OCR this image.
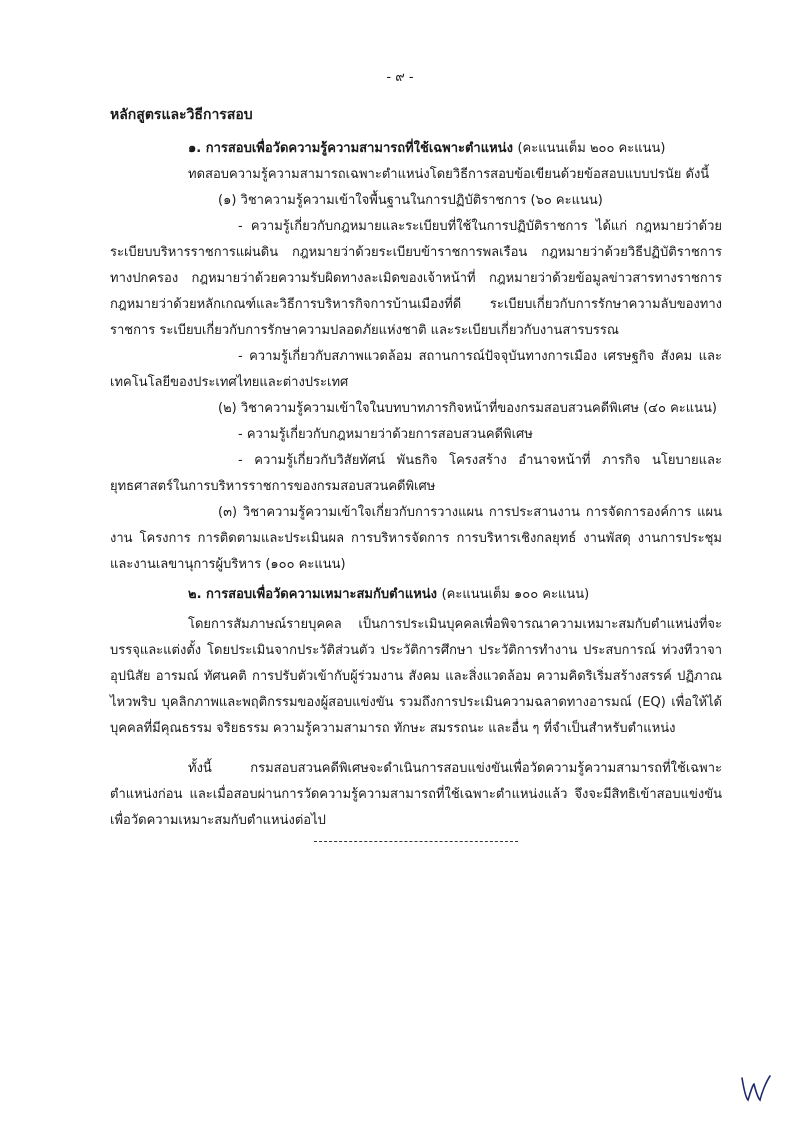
- ๙ -
หลักสูตรและวิธีการสอบ

๑. การสอบเพื่อวัดความรู้ความสามารถที่ใช้เฉพาะตำแหน่ง (คะแนนเต็ม ๒๐๐ คะแนน)

ทดสอบความรู้ความสามารถเฉพาะตำแหน่งโดยวิธีการสอบข้อเขียนด้วยข้อสอบแบบปรนัย ดังนี้

(๑) วิชาความรู้ความเข้าใจพื้นฐานในการปฏิบัติราชการ (๖๐ คะแนน)

- ความรู้เกี่ยวกับกฎหมายและระเบียบที่ใช้ในการปฏิบัติราชการ ได้แก่ กฎหมายว่าด้วยระเบียบบริหารราชการแผ่นดิน กฎหมายว่าด้วยระเบียบข้าราชการพลเรือน กฎหมายว่าด้วยวิธีปฏิบัติราชการทางปกครอง กฎหมายว่าด้วยความรับผิดทางละเมิดของเจ้าหน้าที่ กฎหมายว่าด้วยข้อมูลข่าวสารทางราชการ กฎหมายว่าด้วยหลักเกณฑ์และวิธีการบริหารกิจการบ้านเมืองที่ดี ระเบียบเกี่ยวกับการรักษาความลับของทางราชการ ระเบียบเกี่ยวกับการรักษาความปลอดภัยแห่งชาติ และระเบียบเกี่ยวกับงานสารบรรณ

- ความรู้เกี่ยวกับสภาพแวดล้อม สถานการณ์ปัจจุบันทางการเมือง เศรษฐกิจ สังคม และเทคโนโลยีของประเทศไทยและต่างประเทศ

(๒) วิชาความรู้ความเข้าใจในบทบาทภารกิจหน้าที่ของกรมสอบสวนคดีพิเศษ (๔๐ คะแนน)

- ความรู้เกี่ยวกับกฎหมายว่าด้วยการสอบสวนคดีพิเศษ

- ความรู้เกี่ยวกับวิสัยทัศน์ พันธกิจ โครงสร้าง อำนาจหน้าที่ ภารกิจ นโยบายและยุทธศาสตร์ในการบริหารราชการของกรมสอบสวนคดีพิเศษ

(๓) วิชาความรู้ความเข้าใจเกี่ยวกับการวางแผน การประสานงาน การจัดการองค์การ แผนงาน โครงการ การติดตามและประเมินผล การบริหารจัดการ การบริหารเชิงกลยุทธ์ งานพัสดุ งานการประชุม และงานเลขานุการผู้บริหาร (๑๐๐ คะแนน)

๒. การสอบเพื่อวัดความเหมาะสมกับตำแหน่ง (คะแนนเต็ม ๑๐๐ คะแนน)

โดยการสัมภาษณ์รายบุคคล เป็นการประเมินบุคคลเพื่อพิจารณาความเหมาะสมกับตำแหน่งที่จะบรรจุและแต่งตั้ง โดยประเมินจากประวัติส่วนตัว ประวัติการศึกษา ประวัติการทำงาน ประสบการณ์ ท่วงทีวาจา อุปนิสัย อารมณ์ ทัศนคติ การปรับตัวเข้ากับผู้ร่วมงาน สังคม และสิ่งแวดล้อม ความคิดริเริ่มสร้างสรรค์ ปฏิภาณไหวพริบ บุคลิกภาพและพฤติกรรมของผู้สอบแข่งขัน รวมถึงการประเมินความฉลาดทางอารมณ์ (EQ) เพื่อให้ได้บุคคลที่มีคุณธรรม จริยธรรม ความรู้ความสามารถ ทักษะ สมรรถนะ และอื่น ๆ ที่จำเป็นสำหรับตำแหน่ง

ทั้งนี้ กรมสอบสวนคดีพิเศษจะดำเนินการสอบแข่งขันเพื่อวัดความรู้ความสามารถที่ใช้เฉพาะตำแหน่งก่อน และเมื่อสอบผ่านการวัดความรู้ความสามารถที่ใช้เฉพาะตำแหน่งแล้ว จึงจะมีสิทธิเข้าสอบแข่งขันเพื่อวัดความเหมาะสมกับตำแหน่งต่อไป
